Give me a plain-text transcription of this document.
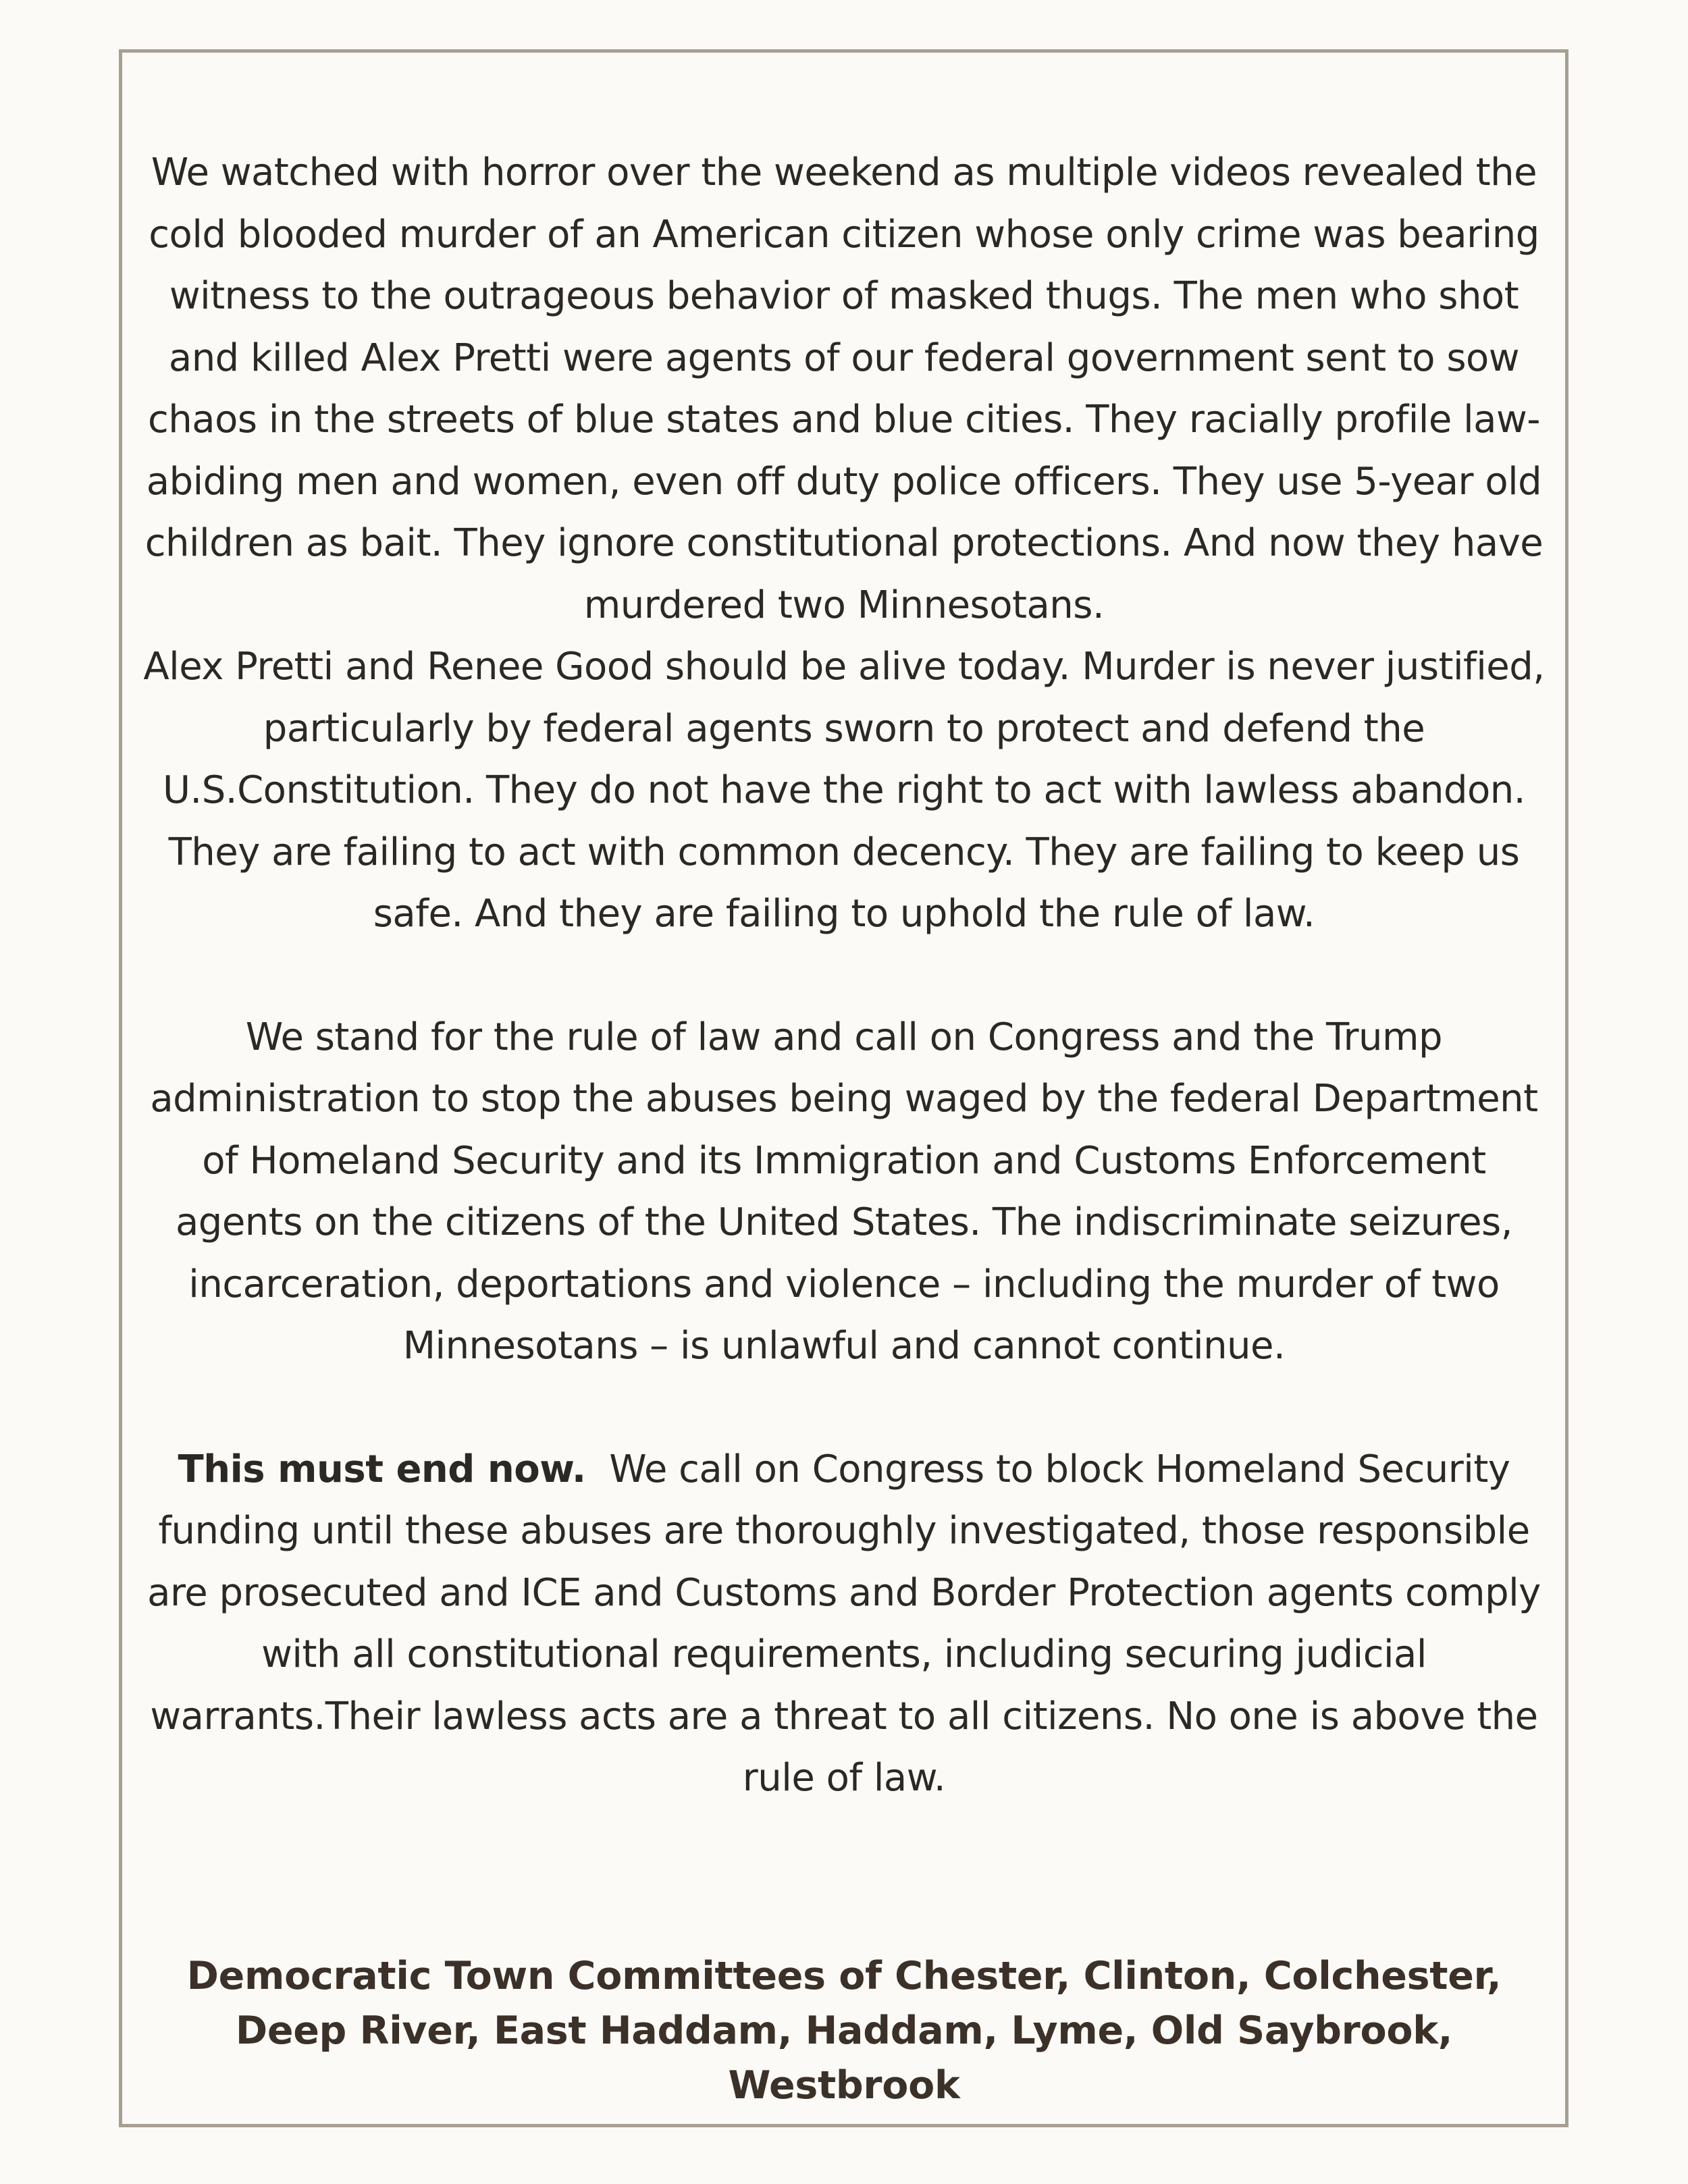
We watched with horror over the weekend as multiple videos revealed the cold blooded murder of an American citizen whose only crime was bearing witness to the outrageous behavior of masked thugs. The men who shot and killed Alex Pretti were agents of our federal government sent to sow chaos in the streets of blue states and blue cities. They racially profile law-abiding men and women, even off duty police officers. They use 5-year old children as bait. They ignore constitutional protections. And now they have murdered two Minnesotans.

Alex Pretti and Renee Good should be alive today. Murder is never justified, particularly by federal agents sworn to protect and defend the U.S.Constitution. They do not have the right to act with lawless abandon. They are failing to act with common decency. They are failing to keep us safe. And they are failing to uphold the rule of law.

We stand for the rule of law and call on Congress and the Trump administration to stop the abuses being waged by the federal Department of Homeland Security and its Immigration and Customs Enforcement agents on the citizens of the United States. The indiscriminate seizures, incarceration, deportations and violence – including the murder of two Minnesotans – is unlawful and cannot continue.

This must end now. We call on Congress to block Homeland Security funding until these abuses are thoroughly investigated, those responsible are prosecuted and ICE and Customs and Border Protection agents comply with all constitutional requirements, including securing judicial warrants.Their lawless acts are a threat to all citizens. No one is above the rule of law.

Democratic Town Committees of Chester, Clinton, Colchester, Deep River, East Haddam, Haddam, Lyme, Old Saybrook, Westbrook
